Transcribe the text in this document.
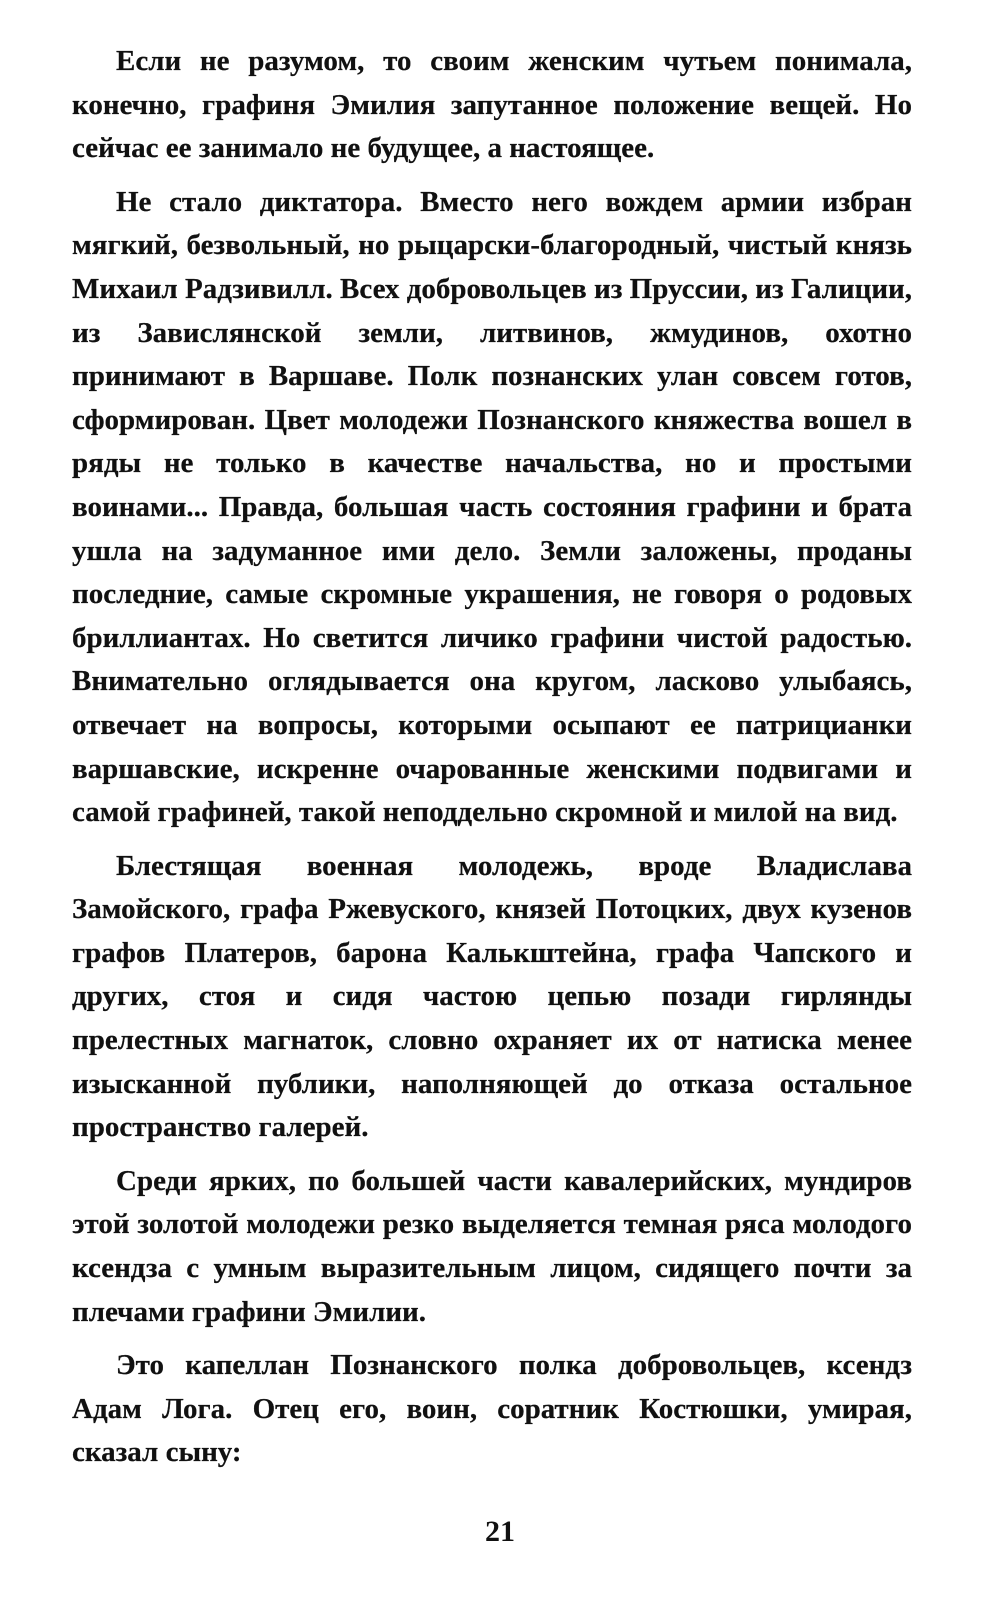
Если не разумом, то своим женским чутьем понимала, конечно, графиня Эмилия запутанное положение вещей. Но сейчас ее занимало не будущее, а настоящее.

Не стало диктатора. Вместо него вождем армии избран мягкий, безвольный, но рыцарски-благородный, чистый князь Михаил Радзивилл. Всех добровольцев из Пруссии, из Галиции, из Завислянской земли, литвинов, жмудинов, охотно принимают в Варшаве. Полк познанских улан совсем готов, сформирован. Цвет молодежи Познанского княжества вошел в ряды не только в качестве начальства, но и простыми воинами... Правда, большая часть состояния графини и брата ушла на задуманное ими дело. Земли заложены, проданы последние, самые скромные украшения, не говоря о родовых бриллиантах. Но светится личико графини чистой радостью. Внимательно оглядывается она кругом, ласково улыбаясь, отвечает на вопросы, которыми осыпают ее патрицианки варшавские, искренне очарованные женскими подвигами и самой графиней, такой неподдельно скромной и милой на вид.

Блестящая военная молодежь, вроде Владислава Замойского, графа Ржевуского, князей Потоцких, двух кузенов графов Платеров, барона Калькштейна, графа Чапского и других, стоя и сидя частою цепью позади гирлянды прелестных магнаток, словно охраняет их от натиска менее изысканной публики, наполняющей до отказа остальное пространство галерей.

Среди ярких, по большей части кавалерийских, мундиров этой золотой молодежи резко выделяется темная ряса молодого ксендза с умным выразительным лицом, сидящего почти за плечами графини Эмилии.

Это капеллан Познанского полка добровольцев, ксендз Адам Лога. Отец его, воин, соратник Костюшки, умирая, сказал сыну:

21
